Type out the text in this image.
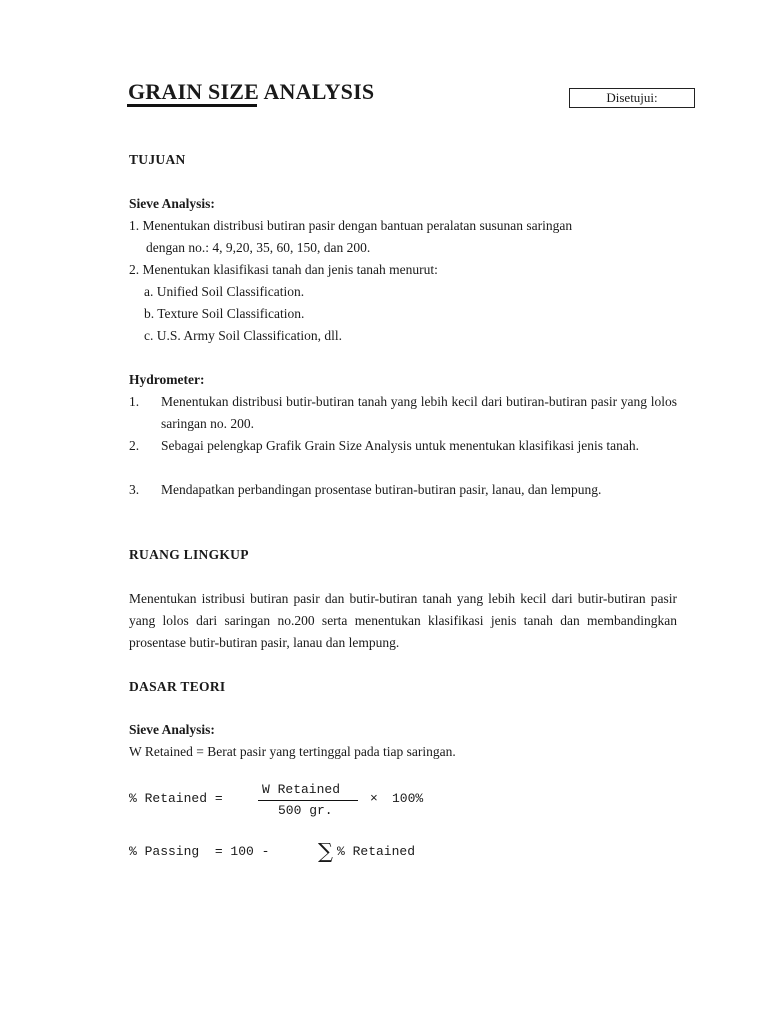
GRAIN SIZE ANALYSIS	Disetujui:
TUJUAN
Sieve Analysis:
1. Menentukan distribusi butiran pasir dengan bantuan peralatan susunan saringan
dengan no.: 4, 9,20, 35, 60, 150, dan 200.
2. Menentukan klasifikasi tanah dan jenis tanah menurut:
a. Unified Soil Classification.
b. Texture Soil Classification.
c. U.S. Army Soil Classification, dll.
Hydrometer:
1. Menentukan distribusi butir-butiran tanah yang lebih kecil dari butiran-butiran pasir yang lolos saringan no. 200.
2. Sebagai pelengkap Grafik Grain Size Analysis untuk menentukan klasifikasi jenis tanah.
3. Mendapatkan perbandingan prosentase butiran-butiran pasir, lanau, dan lempung.
RUANG LINGKUP
Menentukan istribusi butiran pasir dan butir-butiran tanah yang lebih kecil dari butir-butiran pasir yang lolos dari saringan no.200 serta menentukan klasifikasi jenis tanah dan membandingkan prosentase butir-butiran pasir, lanau dan lempung.
DASAR TEORI
Sieve Analysis:
W Retained = Berat pasir yang tertinggal pada tiap saringan.
% Retained =
W Retained
500 gr.
× 100%
% Passing  = 100 - ∑ % Retained
